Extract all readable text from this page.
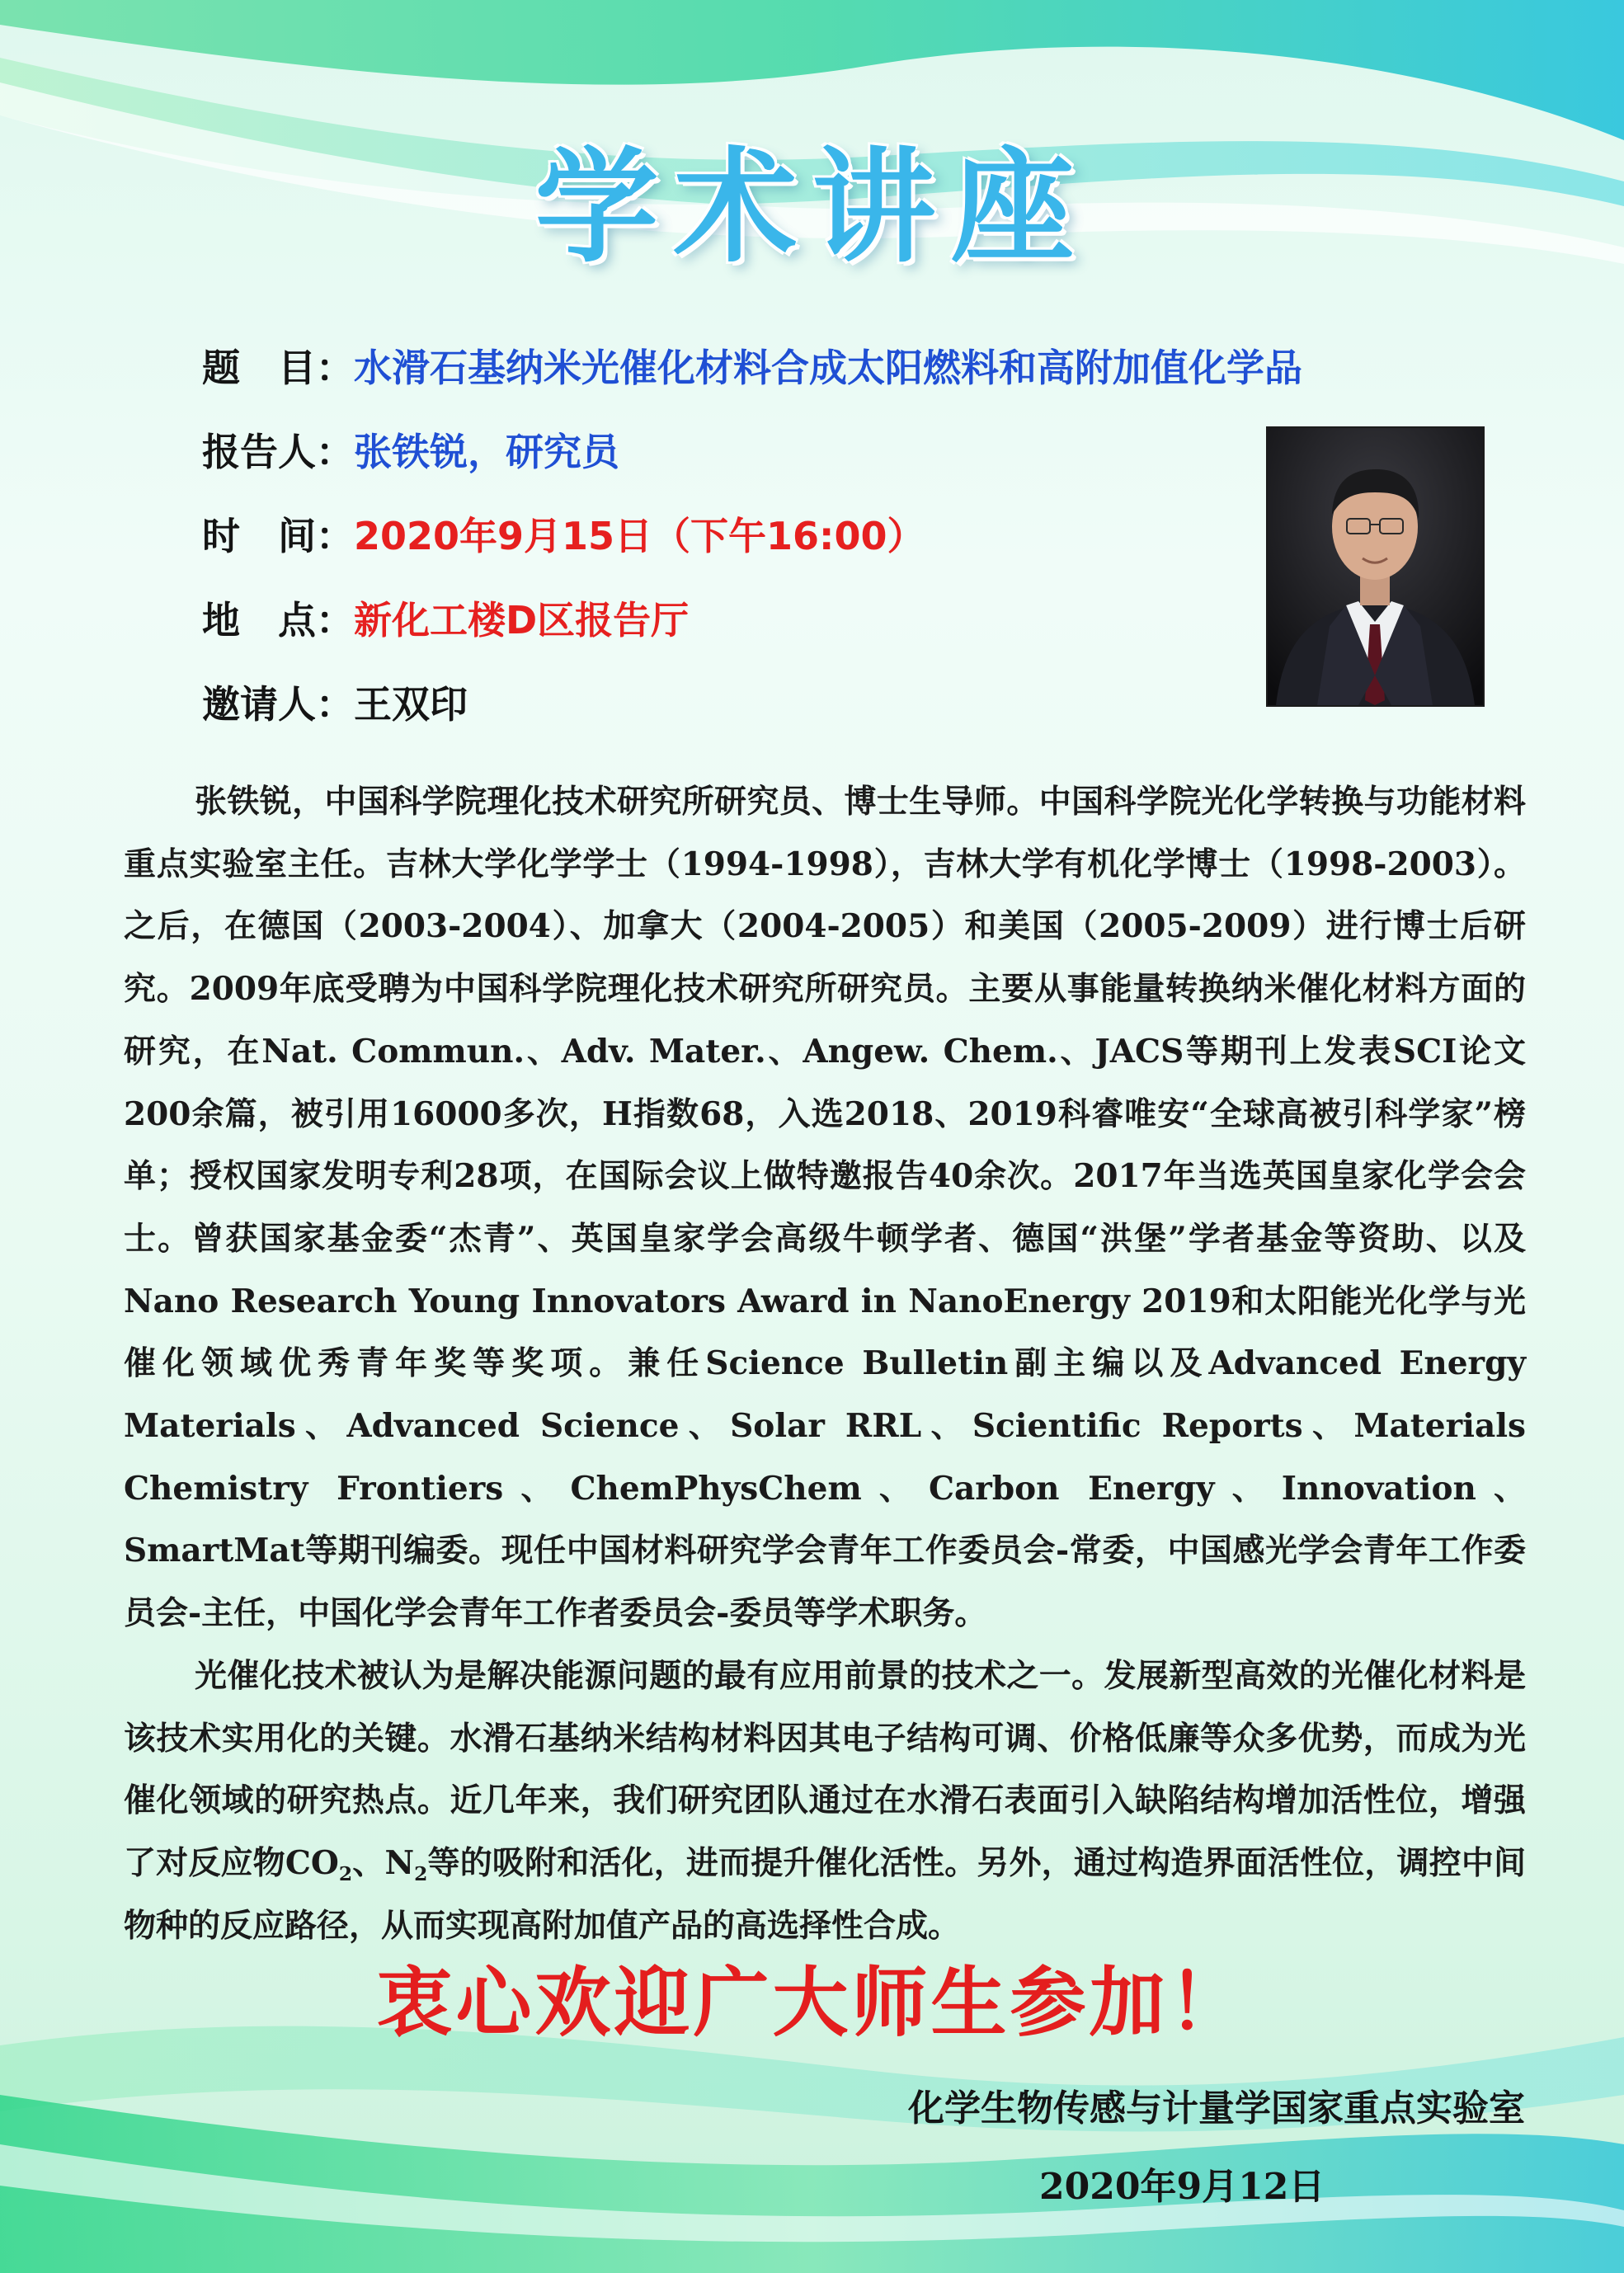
学术讲座
题　目：水滑石基纳米光催化材料合成太阳燃料和高附加值化学品
报告人：张铁锐，研究员
时　间：2020年9月15日（下午16:00）
地　点：新化工楼D区报告厅
邀请人：王双印

张铁锐，中国科学院理化技术研究所研究员、博士生导师。中国科学院光化学转换与功能材料重点实验室主任。吉林大学化学学士（1994-1998），吉林大学有机化学博士（1998-2003）。之后，在德国（2003-2004）、加拿大（2004-2005）和美国（2005-2009）进行博士后研究。2009年底受聘为中国科学院理化技术研究所研究员。主要从事能量转换纳米催化材料方面的研究，在Nat. Commun.、Adv. Mater.、Angew. Chem.、JACS等期刊上发表SCI论文200余篇，被引用16000多次，H指数68，入选2018、2019科睿唯安“全球高被引科学家”榜单；授权国家发明专利28项，在国际会议上做特邀报告40余次。2017年当选英国皇家化学会会士。曾获国家基金委“杰青”、英国皇家学会高级牛顿学者、德国“洪堡”学者基金等资助、以及Nano Research Young Innovators Award in NanoEnergy 2019和太阳能光化学与光催化领域优秀青年奖等奖项。兼任Science Bulletin副主编以及Advanced Energy Materials、Advanced Science、Solar RRL、Scientific Reports、Materials Chemistry Frontiers、ChemPhysChem、Carbon Energy、Innovation、SmartMat等期刊编委。现任中国材料研究学会青年工作委员会-常委，中国感光学会青年工作委员会-主任，中国化学会青年工作者委员会-委员等学术职务。

光催化技术被认为是解决能源问题的最有应用前景的技术之一。发展新型高效的光催化材料是该技术实用化的关键。水滑石基纳米结构材料因其电子结构可调、价格低廉等众多优势，而成为光催化领域的研究热点。近几年来，我们研究团队通过在水滑石表面引入缺陷结构增加活性位，增强了对反应物$CO_2$、$N_2$等的吸附和活化，进而提升催化活性。另外，通过构造界面活性位，调控中间物种的反应路径，从而实现高附加值产品的高选择性合成。

衷心欢迎广大师生参加！
化学生物传感与计量学国家重点实验室
2020年9月12日
